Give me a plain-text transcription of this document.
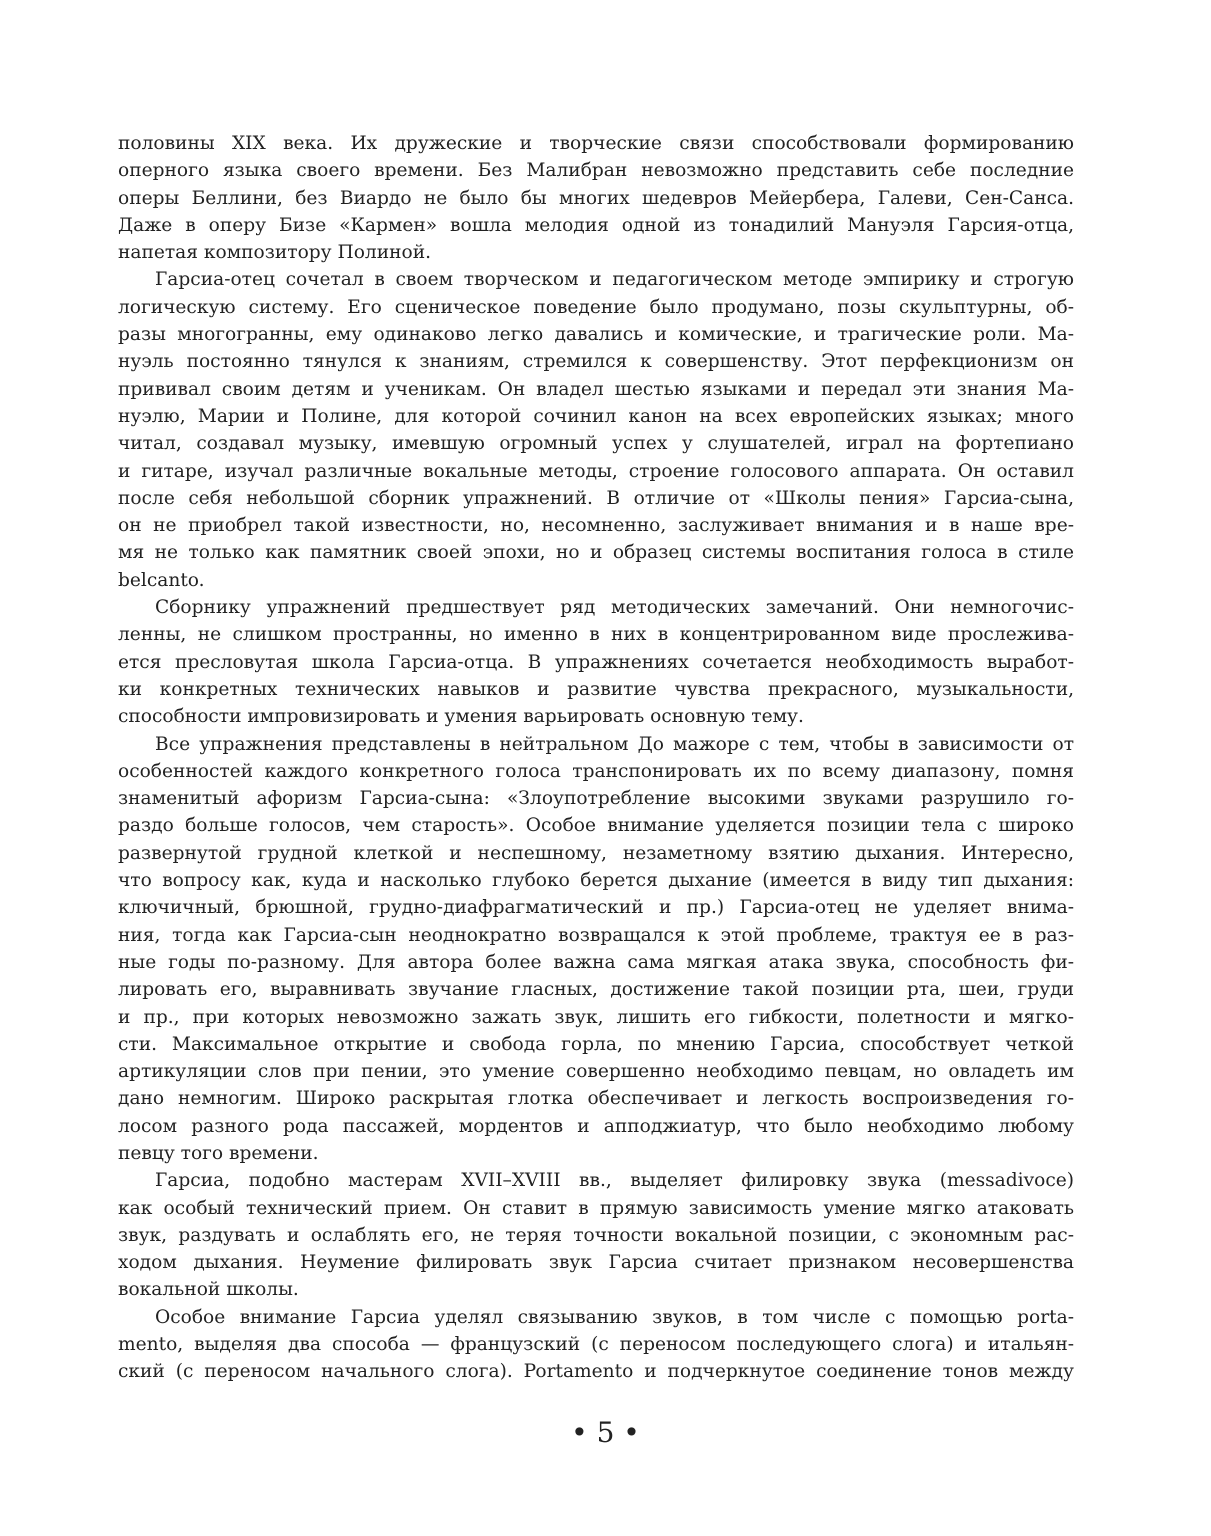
половины XIX века. Их дружеские и творческие связи способствовали формированию
оперного языка своего времени. Без Малибран невозможно представить себе последние
оперы Беллини, без Виардо не было бы многих шедевров Мейербера, Галеви, Сен-Санса.
Даже в оперу Бизе «Кармен» вошла мелодия одной из тонадилий Мануэля Гарсия-отца,
напетая композитору Полиной.
Гарсиа-отец сочетал в своем творческом и педагогическом методе эмпирику и строгую
логическую систему. Его сценическое поведение было продумано, позы скульптурны, об-
разы многогранны, ему одинаково легко давались и комические, и трагические роли. Ма-
нуэль постоянно тянулся к знаниям, стремился к совершенству. Этот перфекционизм он
прививал своим детям и ученикам. Он владел шестью языками и передал эти знания Ма-
нуэлю, Марии и Полине, для которой сочинил канон на всех европейских языках; много
читал, создавал музыку, имевшую огромный успех у слушателей, играл на фортепиано
и гитаре, изучал различные вокальные методы, строение голосового аппарата. Он оставил
после себя небольшой сборник упражнений. В отличие от «Школы пения» Гарсиа-сына,
он не приобрел такой известности, но, несомненно, заслуживает внимания и в наше вре-
мя не только как памятник своей эпохи, но и образец системы воспитания голоса в стиле
belcanto.
Сборнику упражнений предшествует ряд методических замечаний. Они немногочис-
ленны, не слишком пространны, но именно в них в концентрированном виде прослежива-
ется пресловутая школа Гарсиа-отца. В упражнениях сочетается необходимость выработ-
ки конкретных технических навыков и развитие чувства прекрасного, музыкальности,
способности импровизировать и умения варьировать основную тему.
Все упражнения представлены в нейтральном До мажоре с тем, чтобы в зависимости от
особенностей каждого конкретного голоса транспонировать их по всему диапазону, помня
знаменитый афоризм Гарсиа-сына: «Злоупотребление высокими звуками разрушило го-
раздо больше голосов, чем старость». Особое внимание уделяется позиции тела с широко
развернутой грудной клеткой и неспешному, незаметному взятию дыхания. Интересно,
что вопросу как, куда и насколько глубоко берется дыхание (имеется в виду тип дыхания:
ключичный, брюшной, грудно-диафрагматический и пр.) Гарсиа-отец не уделяет внима-
ния, тогда как Гарсиа-сын неоднократно возвращался к этой проблеме, трактуя ее в раз-
ные годы по-разному. Для автора более важна сама мягкая атака звука, способность фи-
лировать его, выравнивать звучание гласных, достижение такой позиции рта, шеи, груди
и пр., при которых невозможно зажать звук, лишить его гибкости, полетности и мягко-
сти. Максимальное открытие и свобода горла, по мнению Гарсиа, способствует четкой
артикуляции слов при пении, это умение совершенно необходимо певцам, но овладеть им
дано немногим. Широко раскрытая глотка обеспечивает и легкость воспроизведения го-
лосом разного рода пассажей, мордентов и апподжиатур, что было необходимо любому
певцу того времени.
Гарсиа, подобно мастерам XVII–XVIII вв., выделяет филировку звука (messadivoce)
как особый технический прием. Он ставит в прямую зависимость умение мягко атаковать
звук, раздувать и ослаблять его, не теряя точности вокальной позиции, с экономным рас-
ходом дыхания. Неумение филировать звук Гарсиа считает признаком несовершенства
вокальной школы.
Особое внимание Гарсиа уделял связыванию звуков, в том числе с помощью porta-
mento, выделяя два способа — французский (с переносом последующего слога) и итальян-
ский (с переносом начального слога). Portamento и подчеркнутое соединение тонов между
• 5 •
